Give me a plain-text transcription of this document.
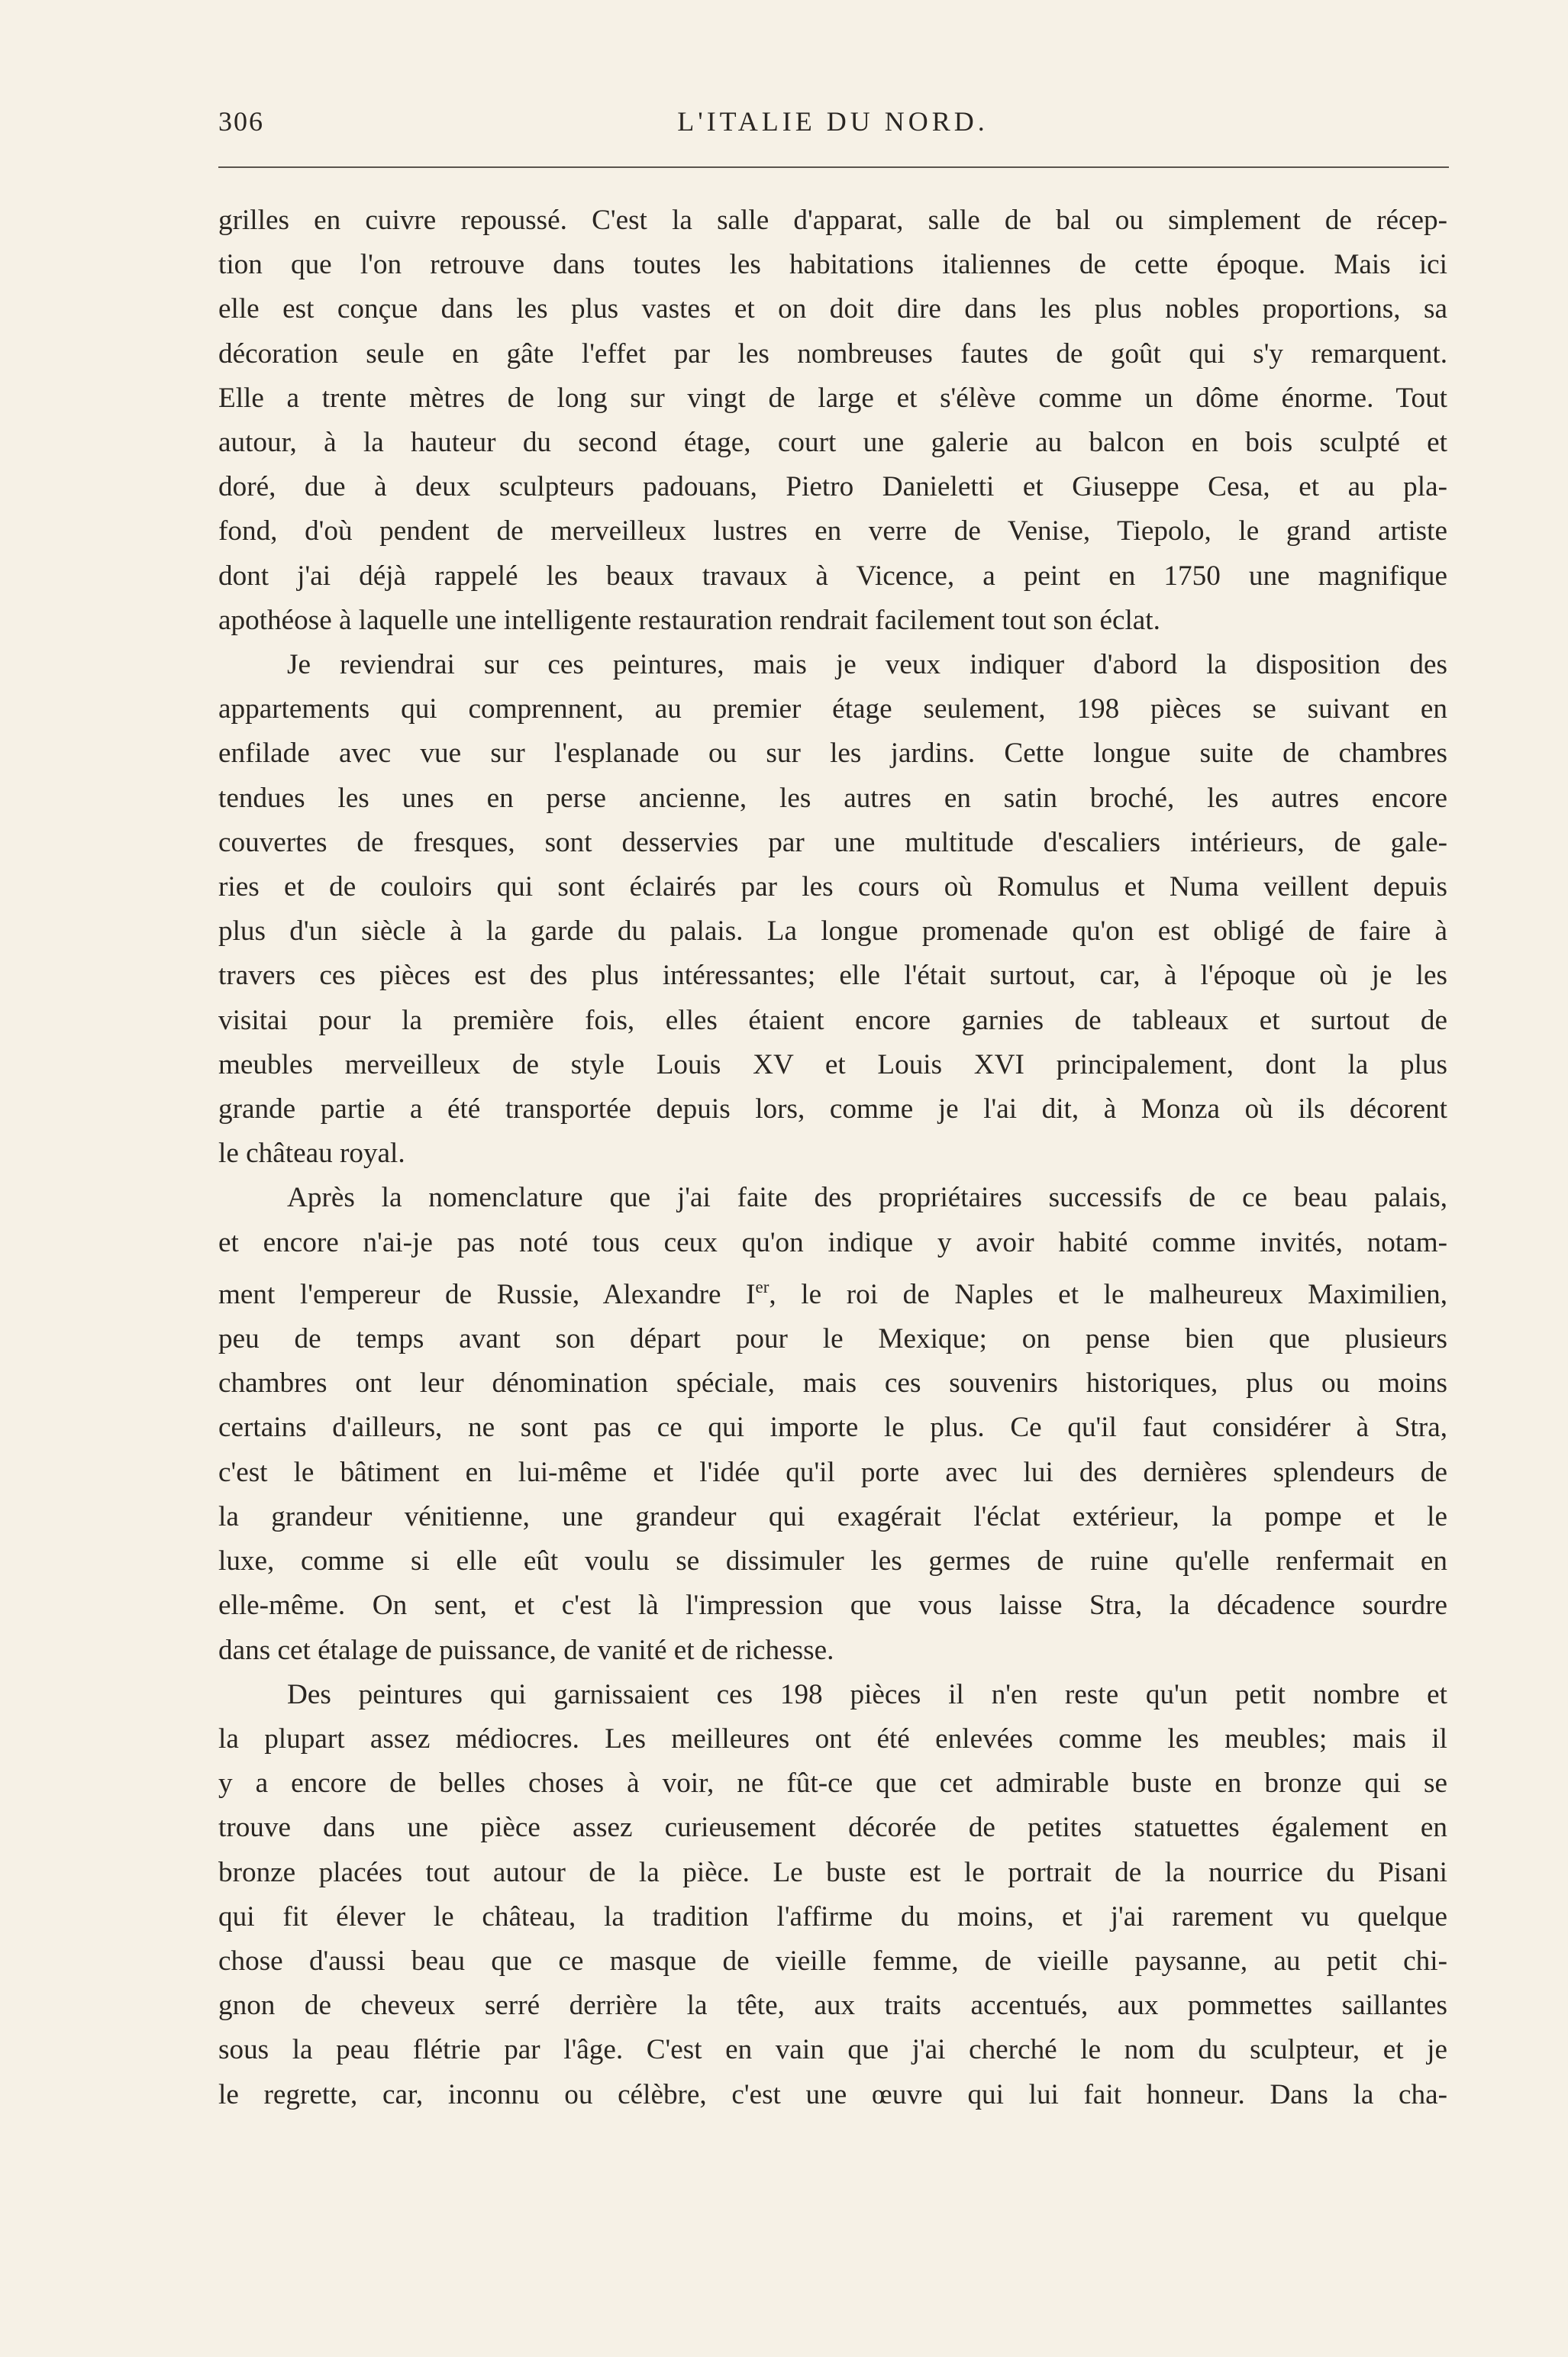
306	L'ITALIE DU NORD.
grilles en cuivre repoussé. C'est la salle d'apparat, salle de bal ou simplement de récep-
tion que l'on retrouve dans toutes les habitations italiennes de cette époque. Mais ici
elle est conçue dans les plus vastes et on doit dire dans les plus nobles proportions, sa
décoration seule en gâte l'effet par les nombreuses fautes de goût qui s'y remarquent.
Elle a trente mètres de long sur vingt de large et s'élève comme un dôme énorme. Tout
autour, à la hauteur du second étage, court une galerie au balcon en bois sculpté et
doré, due à deux sculpteurs padouans, Pietro Danieletti et Giuseppe Cesa, et au pla-
fond, d'où pendent de merveilleux lustres en verre de Venise, Tiepolo, le grand artiste
dont j'ai déjà rappelé les beaux travaux à Vicence, a peint en 1750 une magnifique
apothéose à laquelle une intelligente restauration rendrait facilement tout son éclat.
Je reviendrai sur ces peintures, mais je veux indiquer d'abord la disposition des
appartements qui comprennent, au premier étage seulement, 198 pièces se suivant en
enfilade avec vue sur l'esplanade ou sur les jardins. Cette longue suite de chambres
tendues les unes en perse ancienne, les autres en satin broché, les autres encore
couvertes de fresques, sont desservies par une multitude d'escaliers intérieurs, de gale-
ries et de couloirs qui sont éclairés par les cours où Romulus et Numa veillent depuis
plus d'un siècle à la garde du palais. La longue promenade qu'on est obligé de faire à
travers ces pièces est des plus intéressantes; elle l'était surtout, car, à l'époque où je les
visitai pour la première fois, elles étaient encore garnies de tableaux et surtout de
meubles merveilleux de style Louis XV et Louis XVI principalement, dont la plus
grande partie a été transportée depuis lors, comme je l'ai dit, à Monza où ils décorent
le château royal.
Après la nomenclature que j'ai faite des propriétaires successifs de ce beau palais,
et encore n'ai-je pas noté tous ceux qu'on indique y avoir habité comme invités, notam-
ment l'empereur de Russie, Alexandre Ier, le roi de Naples et le malheureux Maximilien,
peu de temps avant son départ pour le Mexique; on pense bien que plusieurs
chambres ont leur dénomination spéciale, mais ces souvenirs historiques, plus ou moins
certains d'ailleurs, ne sont pas ce qui importe le plus. Ce qu'il faut considérer à Stra,
c'est le bâtiment en lui-même et l'idée qu'il porte avec lui des dernières splendeurs de
la grandeur vénitienne, une grandeur qui exagérait l'éclat extérieur, la pompe et le
luxe, comme si elle eût voulu se dissimuler les germes de ruine qu'elle renfermait en
elle-même. On sent, et c'est là l'impression que vous laisse Stra, la décadence sourdre
dans cet étalage de puissance, de vanité et de richesse.
Des peintures qui garnissaient ces 198 pièces il n'en reste qu'un petit nombre et
la plupart assez médiocres. Les meilleures ont été enlevées comme les meubles; mais il
y a encore de belles choses à voir, ne fût-ce que cet admirable buste en bronze qui se
trouve dans une pièce assez curieusement décorée de petites statuettes également en
bronze placées tout autour de la pièce. Le buste est le portrait de la nourrice du Pisani
qui fit élever le château, la tradition l'affirme du moins, et j'ai rarement vu quelque
chose d'aussi beau que ce masque de vieille femme, de vieille paysanne, au petit chi-
gnon de cheveux serré derrière la tête, aux traits accentués, aux pommettes saillantes
sous la peau flétrie par l'âge. C'est en vain que j'ai cherché le nom du sculpteur, et je
le regrette, car, inconnu ou célèbre, c'est une œuvre qui lui fait honneur. Dans la cha-
